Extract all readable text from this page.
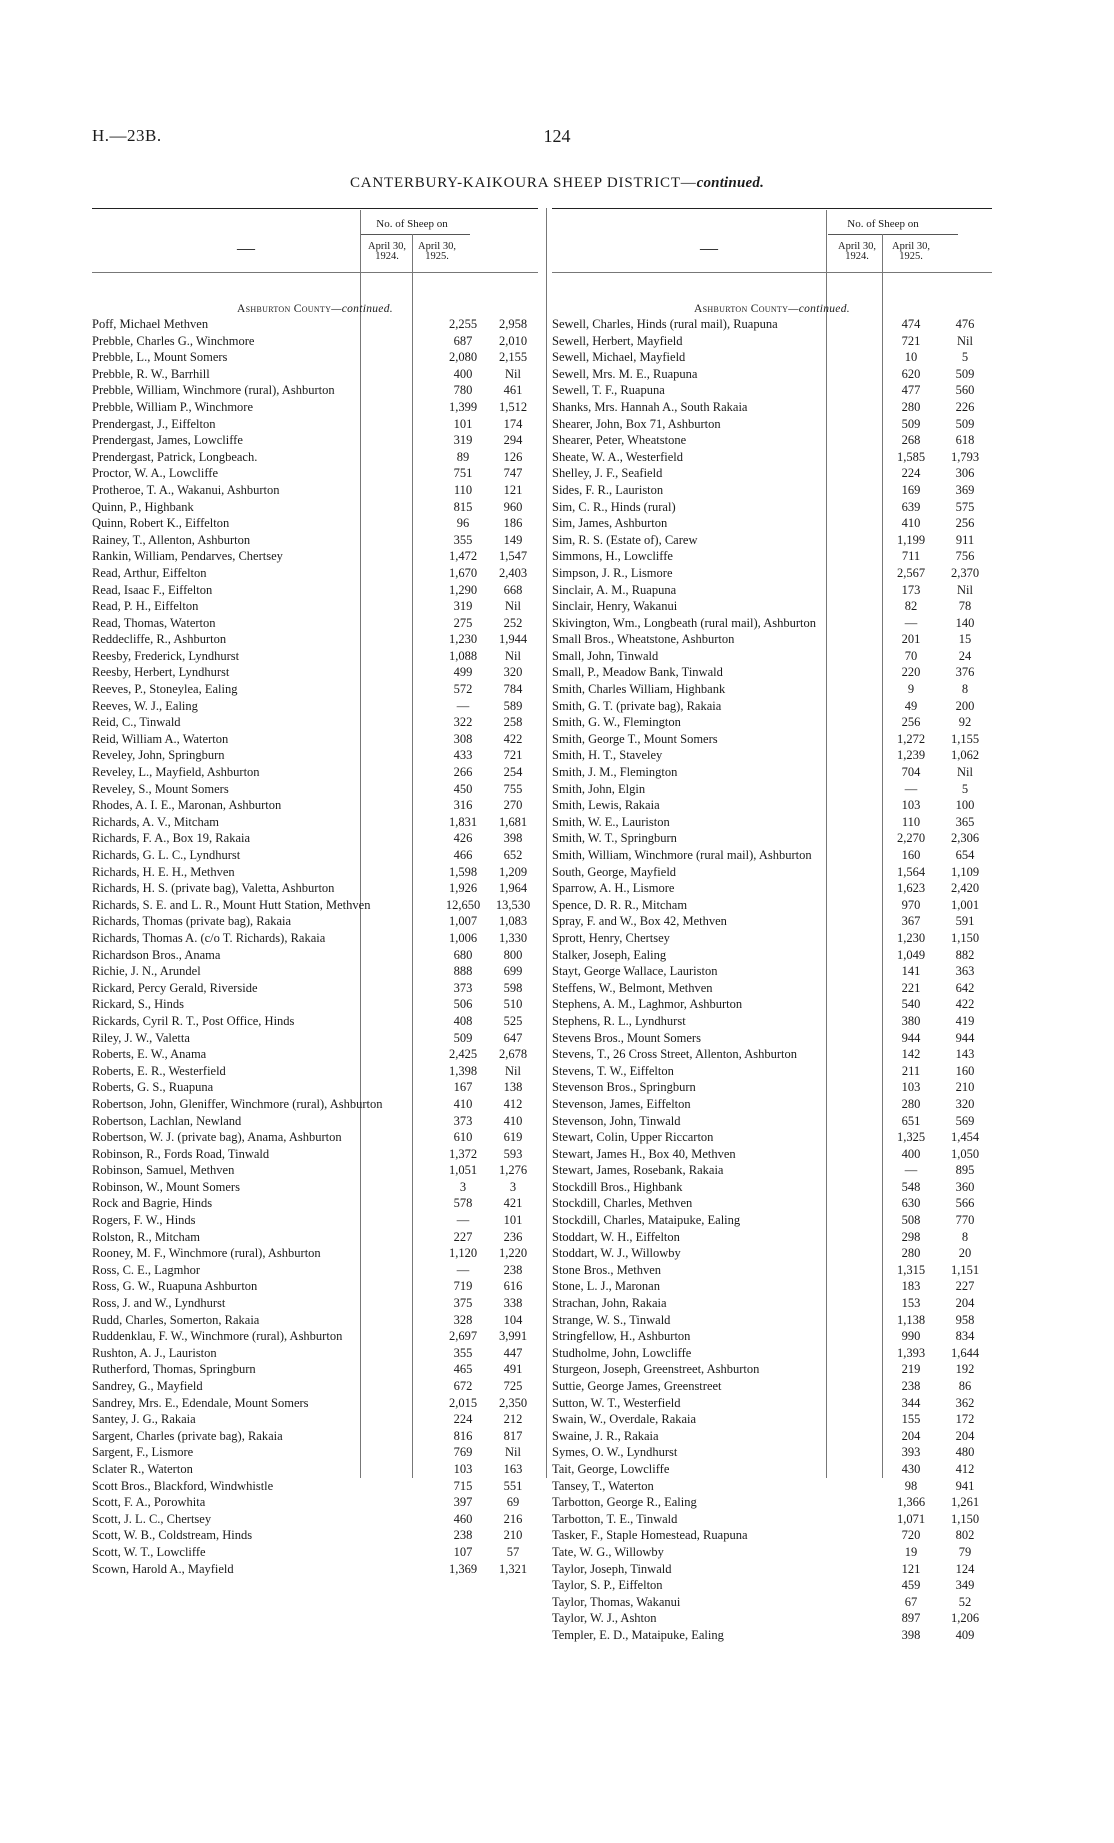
H.—23B.	124
CANTERBURY-KAIKOURA SHEEP DISTRICT—continued.
—
No. of Sheep on
April 30,
1924.
April 30,
1925.
Ashburton County—continued.
Poff, Michael Methven	2,255	2,958
Prebble, Charles G., Winchmore	687	2,010
Prebble, L., Mount Somers	2,080	2,155
Prebble, R. W., Barrhill	400	Nil
Prebble, William, Winchmore (rural), Ashburton	780	461
Prebble, William P., Winchmore	1,399	1,512
Prendergast, J., Eiffelton	101	174
Prendergast, James, Lowcliffe	319	294
Prendergast, Patrick, Longbeach.	89	126
Proctor, W. A., Lowcliffe	751	747
Protheroe, T. A., Wakanui, Ashburton	110	121
Quinn, P., Highbank	815	960
Quinn, Robert K., Eiffelton	96	186
Rainey, T., Allenton, Ashburton	355	149
Rankin, William, Pendarves, Chertsey	1,472	1,547
Read, Arthur, Eiffelton	1,670	2,403
Read, Isaac F., Eiffelton	1,290	668
Read, P. H., Eiffelton	319	Nil
Read, Thomas, Waterton	275	252
Reddecliffe, R., Ashburton	1,230	1,944
Reesby, Frederick, Lyndhurst	1,088	Nil
Reesby, Herbert, Lyndhurst	499	320
Reeves, P., Stoneylea, Ealing	572	784
Reeves, W. J., Ealing	—	589
Reid, C., Tinwald	322	258
Reid, William A., Waterton	308	422
Reveley, John, Springburn	433	721
Reveley, L., Mayfield, Ashburton	266	254
Reveley, S., Mount Somers	450	755
Rhodes, A. I. E., Maronan, Ashburton	316	270
Richards, A. V., Mitcham	1,831	1,681
Richards, F. A., Box 19, Rakaia	426	398
Richards, G. L. C., Lyndhurst	466	652
Richards, H. E. H., Methven	1,598	1,209
Richards, H. S. (private bag), Valetta, Ashburton	1,926	1,964
Richards, S. E. and L. R., Mount Hutt Station, Methven	12,650	13,530
Richards, Thomas (private bag), Rakaia	1,007	1,083
Richards, Thomas A. (c/o T. Richards), Rakaia	1,006	1,330
Richardson Bros., Anama	680	800
Richie, J. N., Arundel	888	699
Rickard, Percy Gerald, Riverside	373	598
Rickard, S., Hinds	506	510
Rickards, Cyril R. T., Post Office, Hinds	408	525
Riley, J. W., Valetta	509	647
Roberts, E. W., Anama	2,425	2,678
Roberts, E. R., Westerfield	1,398	Nil
Roberts, G. S., Ruapuna	167	138
Robertson, John, Gleniffer, Winchmore (rural), Ashburton	410	412
Robertson, Lachlan, Newland	373	410
Robertson, W. J. (private bag), Anama, Ashburton	610	619
Robinson, R., Fords Road, Tinwald	1,372	593
Robinson, Samuel, Methven	1,051	1,276
Robinson, W., Mount Somers	3	3
Rock and Bagrie, Hinds	578	421
Rogers, F. W., Hinds	—	101
Rolston, R., Mitcham	227	236
Rooney, M. F., Winchmore (rural), Ashburton	1,120	1,220
Ross, C. E., Lagmhor	—	238
Ross, G. W., Ruapuna Ashburton	719	616
Ross, J. and W., Lyndhurst	375	338
Rudd, Charles, Somerton, Rakaia	328	104
Ruddenklau, F. W., Winchmore (rural), Ashburton	2,697	3,991
Rushton, A. J., Lauriston	355	447
Rutherford, Thomas, Springburn	465	491
Sandrey, G., Mayfield	672	725
Sandrey, Mrs. E., Edendale, Mount Somers	2,015	2,350
Santey, J. G., Rakaia	224	212
Sargent, Charles (private bag), Rakaia	816	817
Sargent, F., Lismore	769	Nil
Sclater R., Waterton	103	163
Scott Bros., Blackford, Windwhistle	715	551
Scott, F. A., Porowhita	397	69
Scott, J. L. C., Chertsey	460	216
Scott, W. B., Coldstream, Hinds	238	210
Scott, W. T., Lowcliffe	107	57
Scown, Harold A., Mayfield	1,369	1,321
—
No. of Sheep on
April 30,
1924.
April 30,
1925.
Ashburton County—continued.
Sewell, Charles, Hinds (rural mail), Ruapuna	474	476
Sewell, Herbert, Mayfield	721	Nil
Sewell, Michael, Mayfield	10	5
Sewell, Mrs. M. E., Ruapuna	620	509
Sewell, T. F., Ruapuna	477	560
Shanks, Mrs. Hannah A., South Rakaia	280	226
Shearer, John, Box 71, Ashburton	509	509
Shearer, Peter, Wheatstone	268	618
Sheate, W. A., Westerfield	1,585	1,793
Shelley, J. F., Seafield	224	306
Sides, F. R., Lauriston	169	369
Sim, C. R., Hinds (rural)	639	575
Sim, James, Ashburton	410	256
Sim, R. S. (Estate of), Carew	1,199	911
Simmons, H., Lowcliffe	711	756
Simpson, J. R., Lismore	2,567	2,370
Sinclair, A. M., Ruapuna	173	Nil
Sinclair, Henry, Wakanui	82	78
Skivington, Wm., Longbeath (rural mail), Ashburton	—	140
Small Bros., Wheatstone, Ashburton	201	15
Small, John, Tinwald	70	24
Small, P., Meadow Bank, Tinwald	220	376
Smith, Charles William, Highbank	9	8
Smith, G. T. (private bag), Rakaia	49	200
Smith, G. W., Flemington	256	92
Smith, George T., Mount Somers	1,272	1,155
Smith, H. T., Staveley	1,239	1,062
Smith, J. M., Flemington	704	Nil
Smith, John, Elgin	—	5
Smith, Lewis, Rakaia	103	100
Smith, W. E., Lauriston	110	365
Smith, W. T., Springburn	2,270	2,306
Smith, William, Winchmore (rural mail), Ashburton	160	654
South, George, Mayfield	1,564	1,109
Sparrow, A. H., Lismore	1,623	2,420
Spence, D. R. R., Mitcham	970	1,001
Spray, F. and W., Box 42, Methven	367	591
Sprott, Henry, Chertsey	1,230	1,150
Stalker, Joseph, Ealing	1,049	882
Stayt, George Wallace, Lauriston	141	363
Steffens, W., Belmont, Methven	221	642
Stephens, A. M., Laghmor, Ashburton	540	422
Stephens, R. L., Lyndhurst	380	419
Stevens Bros., Mount Somers	944	944
Stevens, T., 26 Cross Street, Allenton, Ashburton	142	143
Stevens, T. W., Eiffelton	211	160
Stevenson Bros., Springburn	103	210
Stevenson, James, Eiffelton	280	320
Stevenson, John, Tinwald	651	569
Stewart, Colin, Upper Riccarton	1,325	1,454
Stewart, James H., Box 40, Methven	400	1,050
Stewart, James, Rosebank, Rakaia	—	895
Stockdill Bros., Highbank	548	360
Stockdill, Charles, Methven	630	566
Stockdill, Charles, Mataipuke, Ealing	508	770
Stoddart, W. H., Eiffelton	298	8
Stoddart, W. J., Willowby	280	20
Stone Bros., Methven	1,315	1,151
Stone, L. J., Maronan	183	227
Strachan, John, Rakaia	153	204
Strange, W. S., Tinwald	1,138	958
Stringfellow, H., Ashburton	990	834
Studholme, John, Lowcliffe	1,393	1,644
Sturgeon, Joseph, Greenstreet, Ashburton	219	192
Suttie, George James, Greenstreet	238	86
Sutton, W. T., Westerfield	344	362
Swain, W., Overdale, Rakaia	155	172
Swaine, J. R., Rakaia	204	204
Symes, O. W., Lyndhurst	393	480
Tait, George, Lowcliffe	430	412
Tansey, T., Waterton	98	941
Tarbotton, George R., Ealing	1,366	1,261
Tarbotton, T. E., Tinwald	1,071	1,150
Tasker, F., Staple Homestead, Ruapuna	720	802
Tate, W. G., Willowby	19	79
Taylor, Joseph, Tinwald	121	124
Taylor, S. P., Eiffelton	459	349
Taylor, Thomas, Wakanui	67	52
Taylor, W. J., Ashton	897	1,206
Templer, E. D., Mataipuke, Ealing	398	409
